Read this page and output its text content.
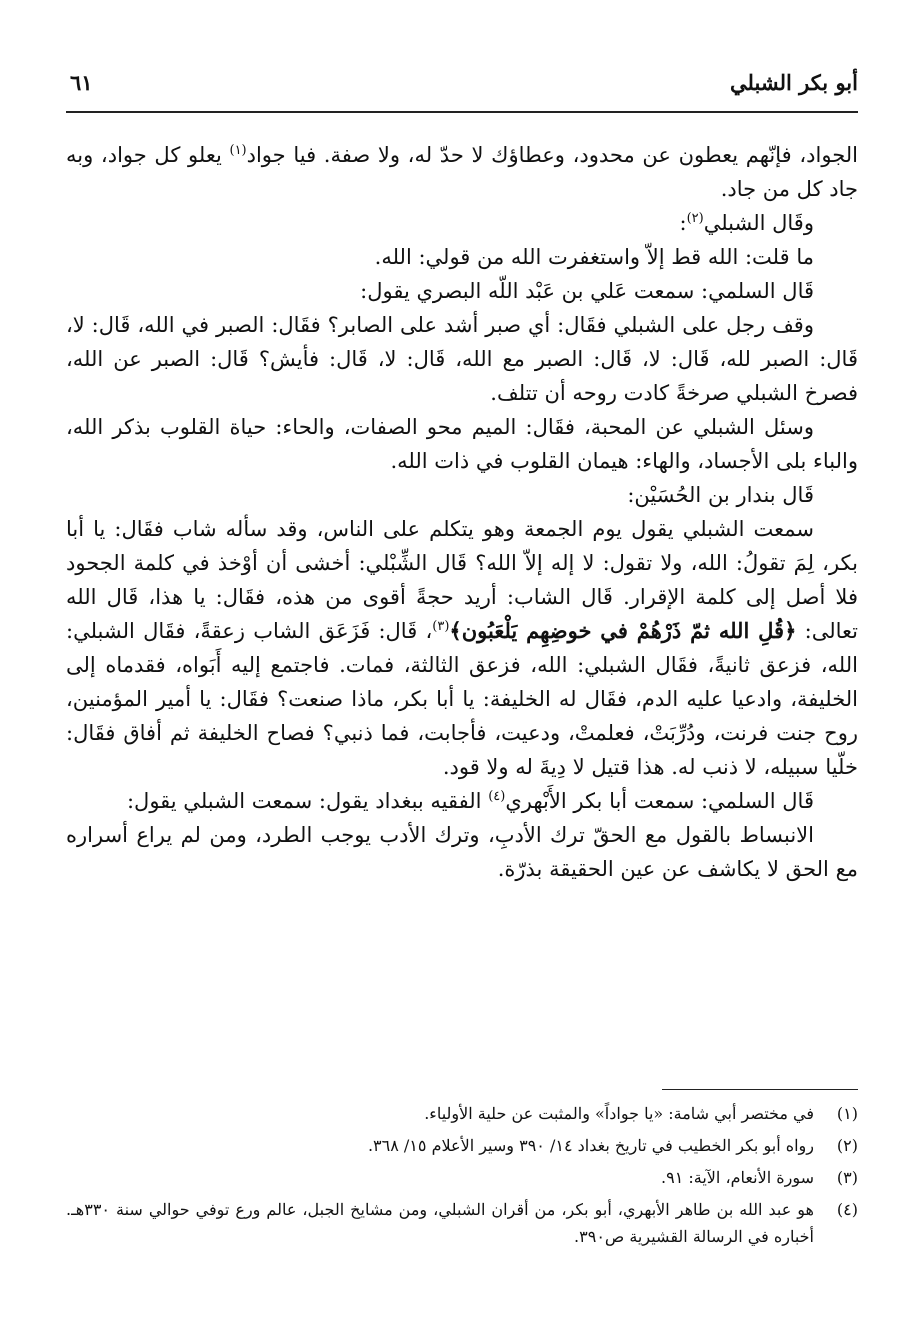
أبو بكر الشبلي
٦١

الجواد، فإنّهم يعطون عن محدود، وعطاؤك لا حدّ له، ولا صفة. فيا جواد$^{(١)}$ يعلو كل جواد، وبه جاد كل من جاد.

وقَال الشبلي$^{(٢)}$:

ما قلت: الله قط إلاّ واستغفرت الله من قولي: الله.

قَال السلمي: سمعت عَلي بن عَبْد اللّه البصري يقول:

وقف رجل على الشبلي فقَال: أي صبر أشد على الصابر؟ فقَال: الصبر في الله، قَال: لا، قَال: الصبر لله، قَال: لا، قَال: الصبر مع الله، قَال: لا، قَال: فأيش؟ قَال: الصبر عن الله، فصرخ الشبلي صرخةً كادت روحه أن تتلف.

وسئل الشبلي عن المحبة، فقَال: الميم محو الصفات، والحاء: حياة القلوب بذكر الله، والباء بلى الأجساد، والهاء: هيمان القلوب في ذات الله.

قَال بندار بن الحُسَيْن:

سمعت الشبلي يقول يوم الجمعة وهو يتكلم على الناس، وقد سأله شاب فقَال: يا أبا بكر، لِمَ تقولُ: الله، ولا تقول: لا إله إلاّ الله؟ قَال الشِّبْلي: أخشى أن أوْخذ في كلمة الجحود فلا أصل إلى كلمة الإقرار. قَال الشاب: أريد حجةً أقوى من هذه، فقَال: يا هذا، قَال الله تعالى: ﴿قُلِ الله ثمّ ذَرْهُمْ في خوضِهِم يَلْعَبُون﴾$^{(٣)}$، قَال: فَزَعَق الشاب زعقةً، فقَال الشبلي: الله، فزعق ثانيةً، فقَال الشبلي: الله، فزعق الثالثة، فمات. فاجتمع إليه أَبَواه، فقدماه إلى الخليفة، وادعيا عليه الدم، فقَال له الخليفة: يا أبا بكر، ماذا صنعت؟ فقَال: يا أمير المؤمنين، روح جنت فرنت، ودُرِّبَتْ، فعلمتْ، ودعيت، فأجابت، فما ذنبي؟ فصاح الخليفة ثم أفاق فقَال: خلّيا سبيله، لا ذنب له. هذا قتيل لا دِيةَ له ولا قود.

قَال السلمي: سمعت أبا بكر الأَبْهري$^{(٤)}$ الفقيه ببغداد يقول: سمعت الشبلي يقول:

الانبساط بالقول مع الحقّ ترك الأدبِ، وترك الأدب يوجب الطرد، ومن لم يراع أسراره مع الحق لا يكاشف عن عين الحقيقة بذرّة.

(١)
في مختصر أبي شامة: «يا جواداً» والمثبت عن حلية الأولياء.
(٢)
رواه أبو بكر الخطيب في تاريخ بغداد ١٤/ ٣٩٠ وسير الأعلام ١٥/ ٣٦٨.
(٣)
سورة الأنعام، الآية: ٩١.
(٤)
هو عبد الله بن طاهر الأبهري، أبو بكر، من أقران الشبلي، ومن مشايخ الجبل، عالم ورع توفي حوالي سنة ٣٣٠هـ. أخباره في الرسالة القشيرية ص٣٩٠.
